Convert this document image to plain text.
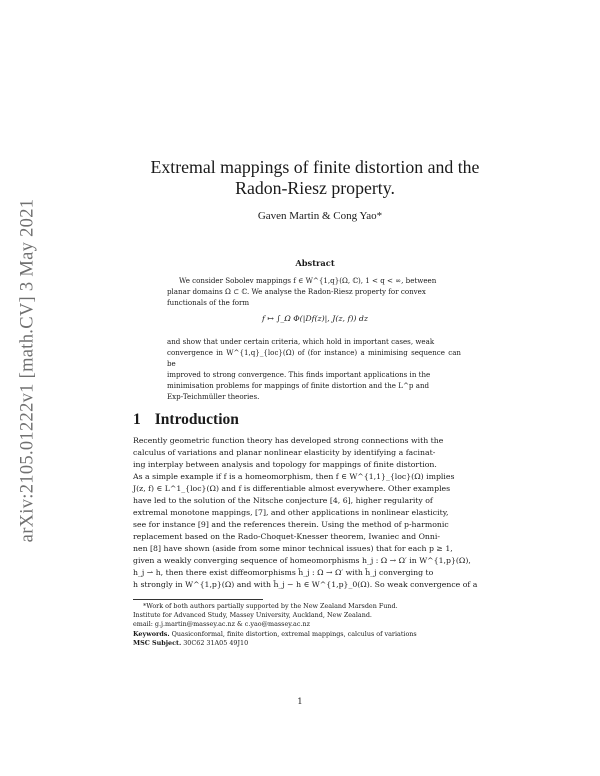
arXiv:2105.01222v1 [math.CV] 3 May 2021
Extremal mappings of finite distortion and the
Radon-Riesz property.
Gaven Martin & Cong Yao*
Abstract
We consider Sobolev mappings f ∈ W^{1,q}(Ω, ℂ), 1 < q < ∞, between
planar domains Ω ⊂ ℂ. We analyse the Radon-Riesz property for convex
functionals of the form
f ↦ ∫_Ω Φ(|Df(z)|, J(z, f)) dz
and show that under certain criteria, which hold in important cases, weak
convergence in W^{1,q}_{loc}(Ω) of (for instance) a minimising sequence can be
improved to strong convergence. This finds important applications in the
minimisation problems for mappings of finite distortion and the L^p and
Exp-Teichmüller theories.
1 Introduction
Recently geometric function theory has developed strong connections with the
calculus of variations and planar nonlinear elasticity by identifying a facinat-
ing interplay between analysis and topology for mappings of finite distortion.
As a simple example if f is a homeomorphism, then f ∈ W^{1,1}_{loc}(Ω) implies
J(z, f) ∈ L^1_{loc}(Ω) and f is differentiable almost everywhere. Other examples
have led to the solution of the Nitsche conjecture [4, 6], higher regularity of
extremal monotone mappings, [7], and other applications in nonlinear elasticity,
see for instance [9] and the references therein. Using the method of p-harmonic
replacement based on the Rado-Choquet-Knesser theorem, Iwaniec and Onni-
nen [8] have shown (aside from some minor technical issues) that for each p ≥ 1,
given a weakly converging sequence of homeomorphisms h_j : Ω → Ω′ in W^{1,p}(Ω),
h_j ⇀ h, then there exist diffeomorphisms ĥ_j : Ω → Ω′ with ĥ_j converging to
h strongly in W^{1,p}(Ω) and with ĥ_j − h ∈ W^{1,p}_0(Ω). So weak convergence of a
*Work of both authors partially supported by the New Zealand Marsden Fund.
Institute for Advanced Study, Massey University, Auckland, New Zealand.
email: g.j.martin@massey.ac.nz & c.yao@massey.ac.nz
Keywords. Quasiconformal, finite distortion, extremal mappings, calculus of variations
MSC Subject. 30C62 31A05 49J10
1
